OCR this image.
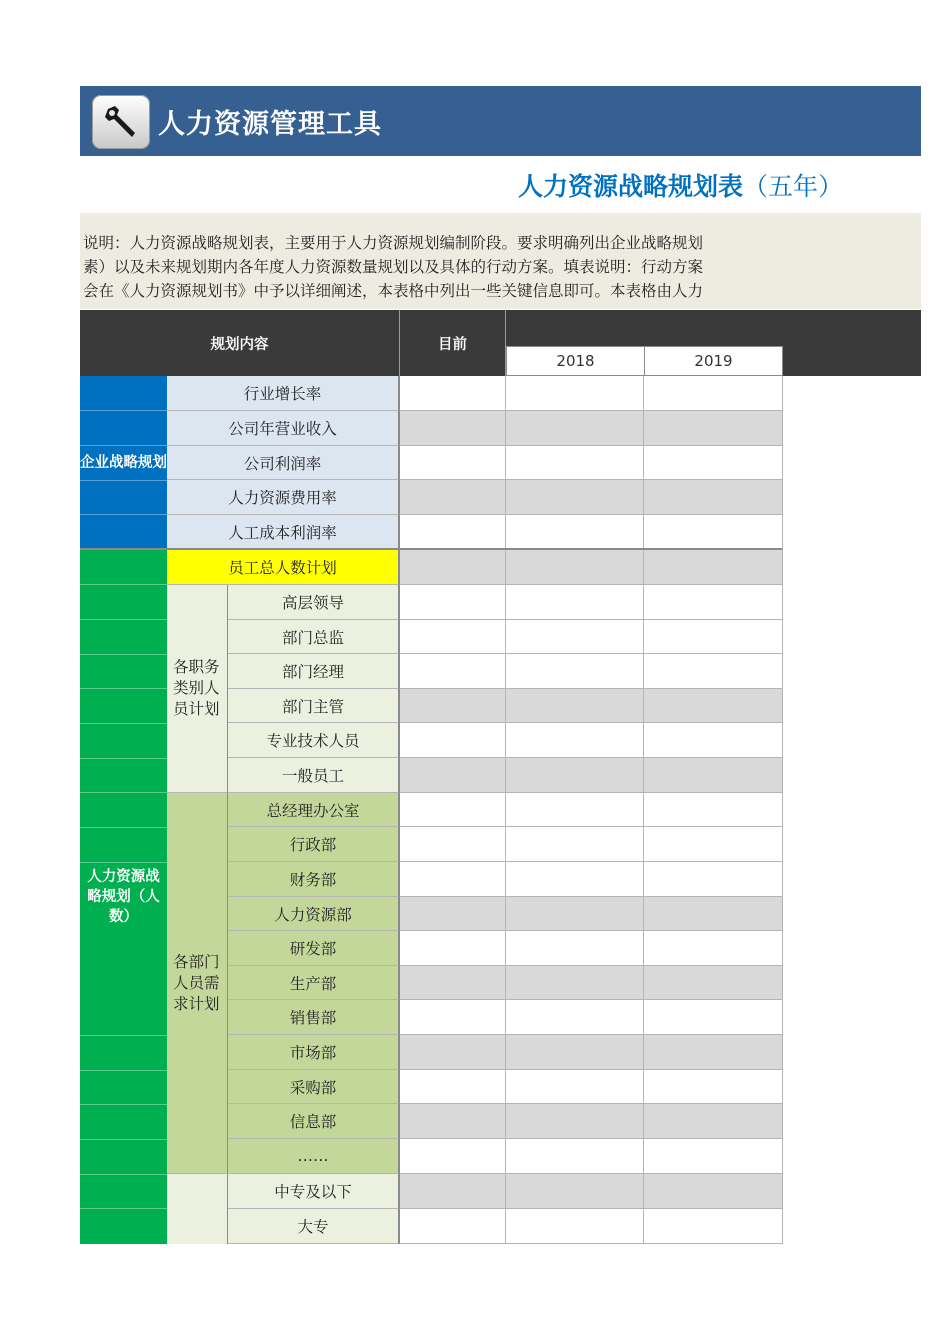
人力资源管理工具
人力资源战略规划表（五年）
说明：人力资源战略规划表，主要用于人力资源规划编制阶段。要求明确列出企业战略规划
素）以及未来规划期内各年度人力资源数量规划以及具体的行动方案。填表说明：行动方案
会在《人力资源规划书》中予以详细阐述，本表格中列出一些关键信息即可。本表格由人力
规划内容	目前
2018	2019
企业战略规划
行业增长率
公司年营业收入
公司利润率
人力资源费用率
人工成本利润率
人力资源战略规划（人数）
员工总人数计划
各职务类别人员计划
高层领导
部门总监
部门经理
部门主管
专业技术人员
一般员工
各部门人员需求计划
总经理办公室
行政部
财务部
人力资源部
研发部
生产部
销售部
市场部
采购部
信息部
……
中专及以下
大专
